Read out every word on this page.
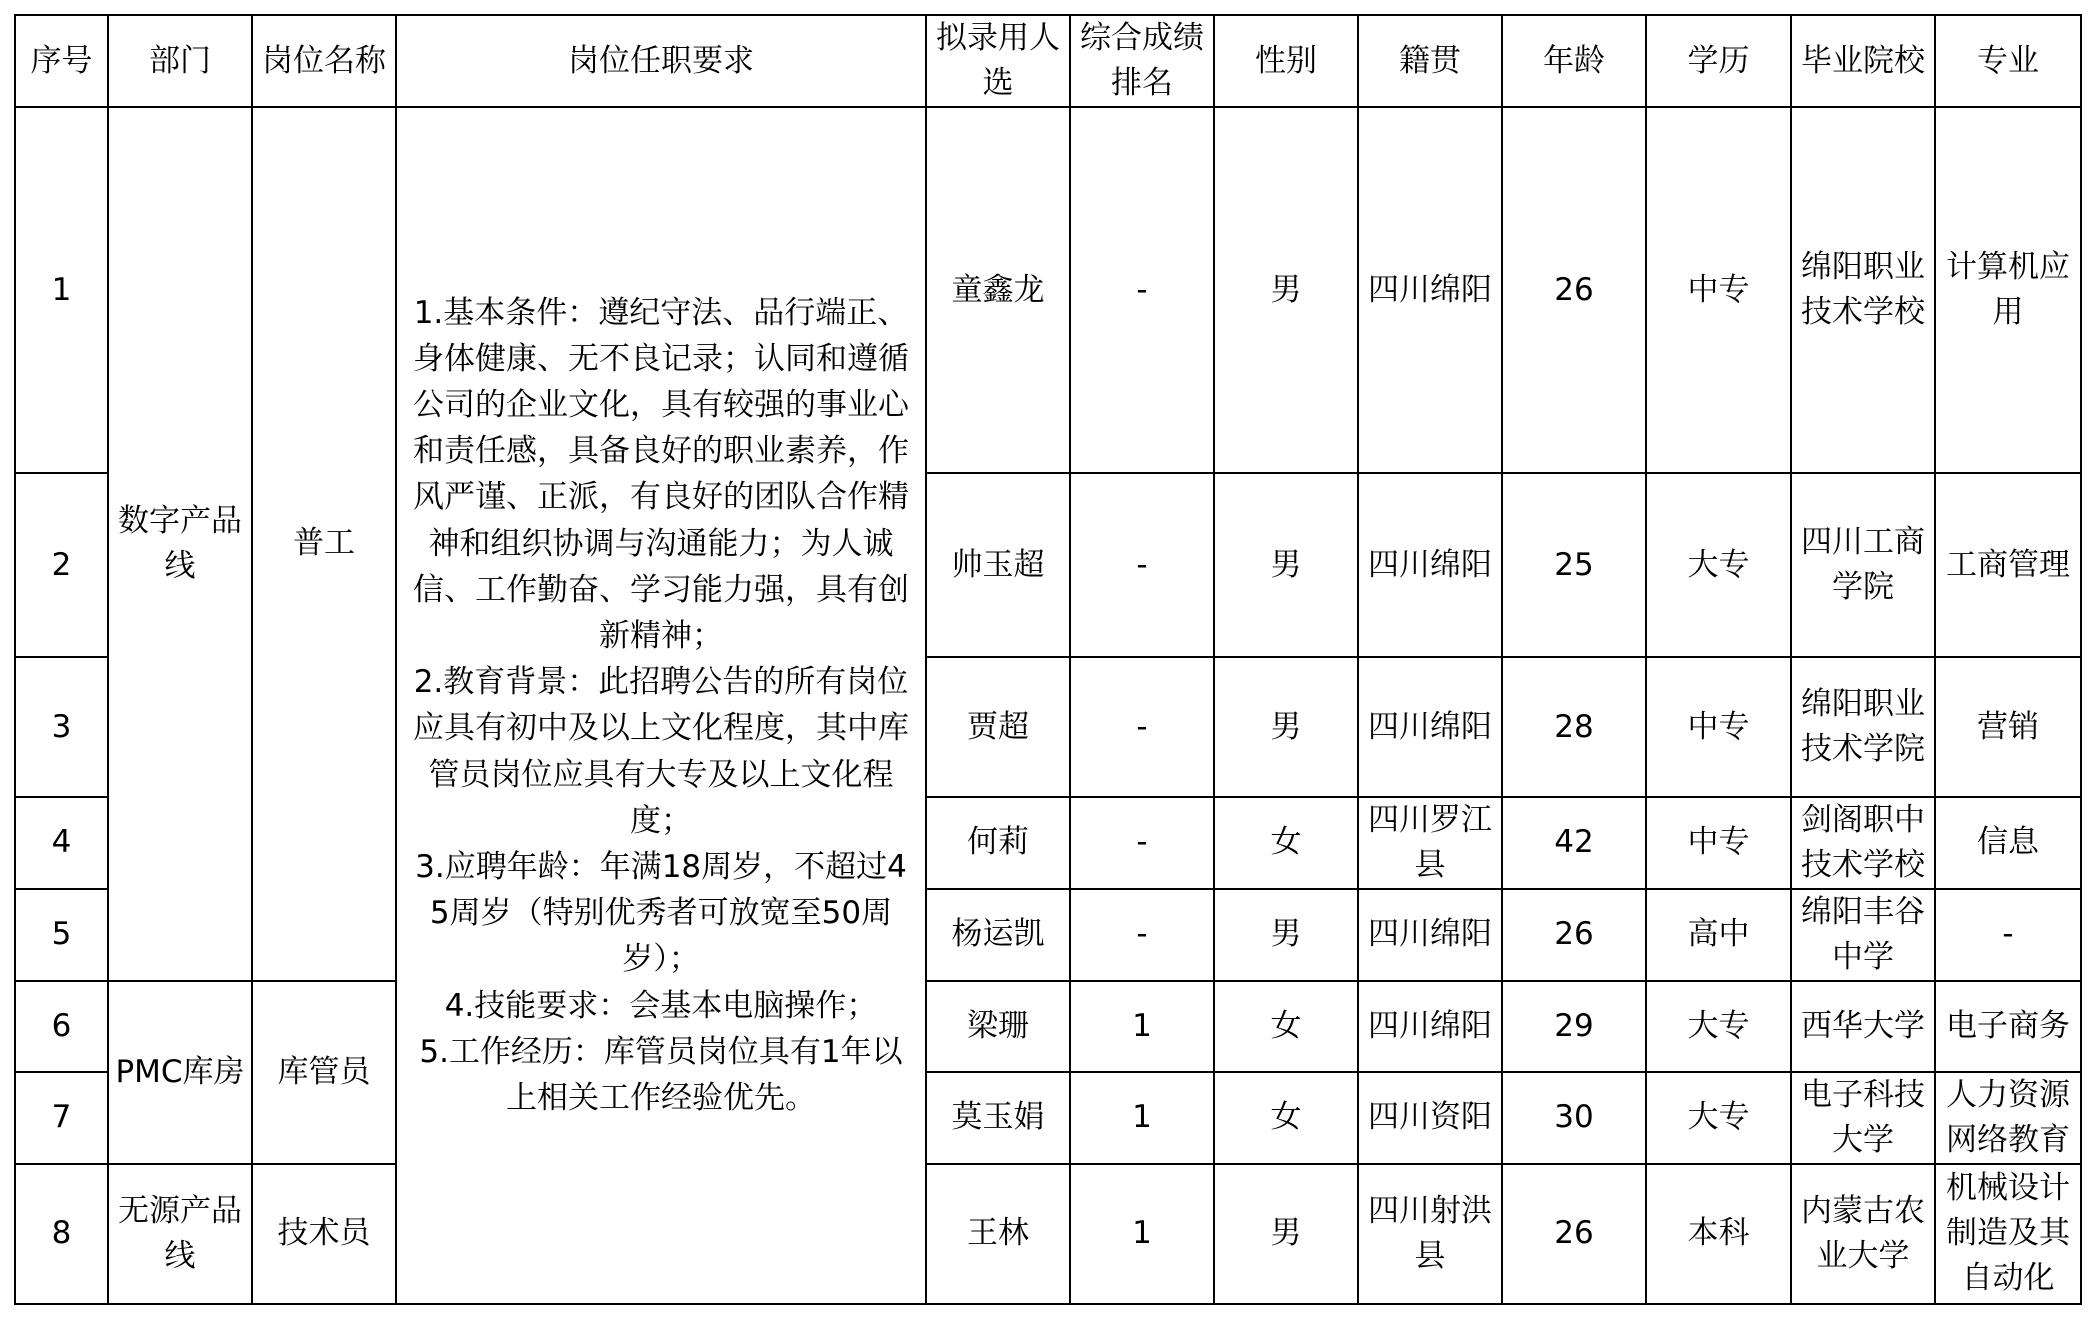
序号	部门	岗位名称	岗位任职要求	拟录用人选	综合成绩排名	性别	籍贯	年龄	学历	毕业院校	专业
1	数字产品线	普工	1.基本条件：遵纪守法、品行端正、身体健康、无不良记录；认同和遵循公司的企业文化，具有较强的事业心和责任感，具备良好的职业素养，作风严谨、正派，有良好的团队合作精神和组织协调与沟通能力；为人诚信、工作勤奋、学习能力强，具有创新精神；
2.教育背景：此招聘公告的所有岗位应具有初中及以上文化程度，其中库管员岗位应具有大专及以上文化程度；
3.应聘年龄：年满18周岁，不超过45周岁（特别优秀者可放宽至50周岁）；
4.技能要求：会基本电脑操作；
5.工作经历：库管员岗位具有1年以上相关工作经验优先。	童鑫龙	-	男	四川绵阳	26	中专	绵阳职业技术学校	计算机应用
2				帅玉超	-	男	四川绵阳	25	大专	四川工商学院	工商管理
3				贾超	-	男	四川绵阳	28	中专	绵阳职业技术学院	营销
4				何莉	-	女	四川罗江县	42	中专	剑阁职中技术学校	信息
5				杨运凯	-	男	四川绵阳	26	高中	绵阳丰谷中学	-
6	PMC库房	库管员		梁珊	1	女	四川绵阳	29	大专	西华大学	电子商务
7				莫玉娟	1	女	四川资阳	30	大专	电子科技大学	人力资源网络教育
8	无源产品线	技术员		王林	1	男	四川射洪县	26	本科	内蒙古农业大学	机械设计制造及其自动化
